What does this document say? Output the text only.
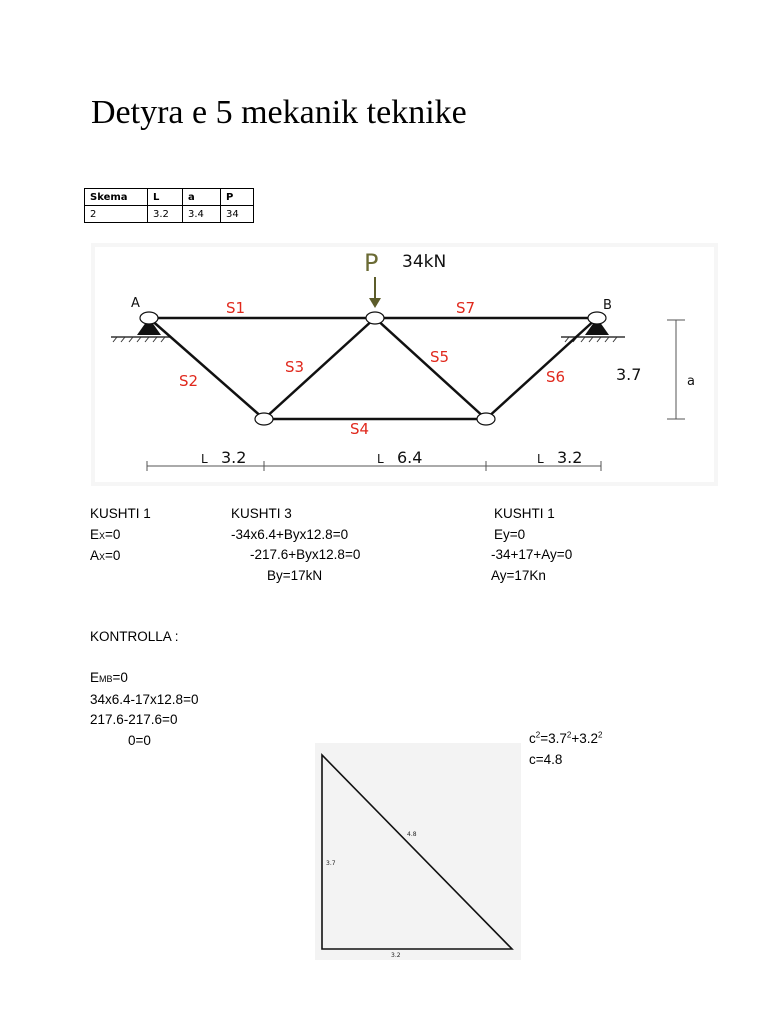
Detyra e 5 mekanik teknike
Skema	L	a	P
2	3.2	3.4	34
P 34kN
A	B
S1
S2
S3
S4
S5
S6
S7
3.7	a
L 3.2	L 6.4	L 3.2
KUSHTI 1
EX=0
AX=0
KUSHTI 3
-34x6.4+Byx12.8=0
-217.6+Byx12.8=0
By=17kN
KUSHTI 1
Ey=0
-34+17+Ay=0
Ay=17Kn
KONTROLLA :
EMB=0
34x6.4-17x12.8=0
217.6-217.6=0
0=0	$c^2=3.7^2+3.2^2$
c=4.8
3.7
4.8
3.2
